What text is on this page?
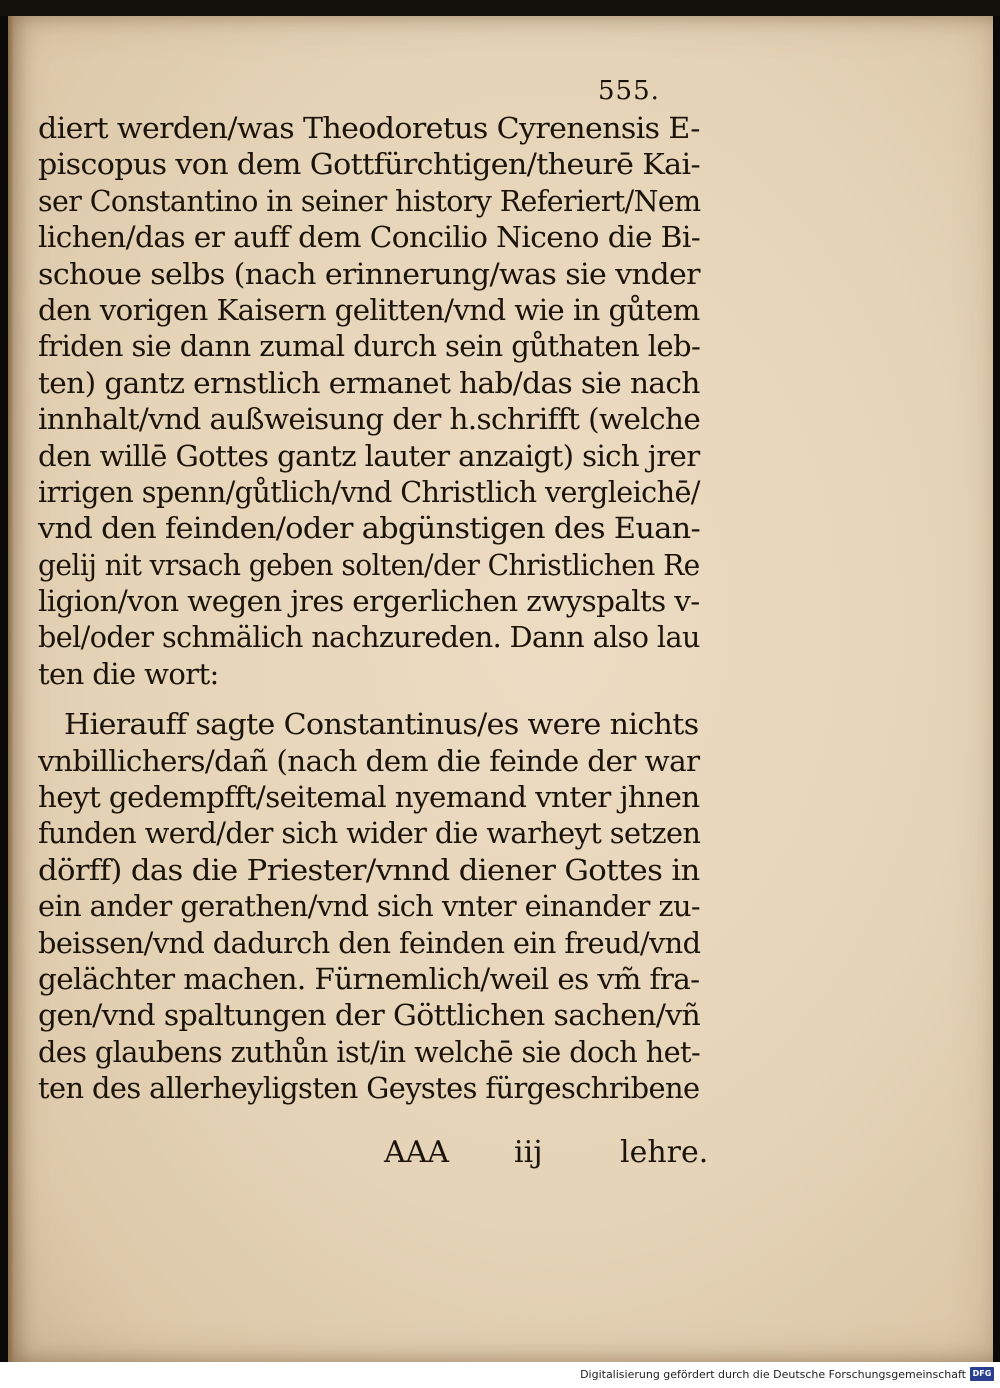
555.
diert werden/was Theodoretus Cyrenensis E-
piscopus von dem Gottfürchtigen/theurē Kai-
ser Constantino in seiner history Referiert/Nem
lichen/das er auff dem Concilio Niceno die Bi-
schoue selbs (nach erinnerung/was sie vnder
den vorigen Kaisern gelitten/vnd wie in gůtem
friden sie dann zumal durch sein gůthaten leb-
ten) gantz ernstlich ermanet hab/das sie nach
innhalt/vnd außweisung der h.schrifft (welche
den willē Gottes gantz lauter anzaigt) sich jrer
irrigen spenn/gůtlich/vnd Christlich vergleichē/
vnd den feinden/oder abgünstigen des Euan-
gelij nit vrsach geben solten/der Christlichen Re
ligion/von wegen jres ergerlichen zwyspalts v-
bel/oder schmälich nachzureden. Dann also lau
ten die wort:
Hierauff sagte Constantinus/es were nichts
vnbillichers/dañ (nach dem die feinde der war
heyt gedempfft/seitemal nyemand vnter jhnen
funden werd/der sich wider die warheyt setzen
dörff) das die Priester/vnnd diener Gottes in
ein ander gerathen/vnd sich vnter einander zu-
beissen/vnd dadurch den feinden ein freud/vnd
gelächter machen. Fürnemlich/weil es vm̃ fra-
gen/vnd spaltungen der Göttlichen sachen/vñ
des glaubens zuthůn ist/in welchē sie doch het-
ten des allerheyligsten Geystes fürgeschribene
AAA iij	lehre.
Digitalisierung gefördert durch die Deutsche Forschungsgemeinschaft DFG
